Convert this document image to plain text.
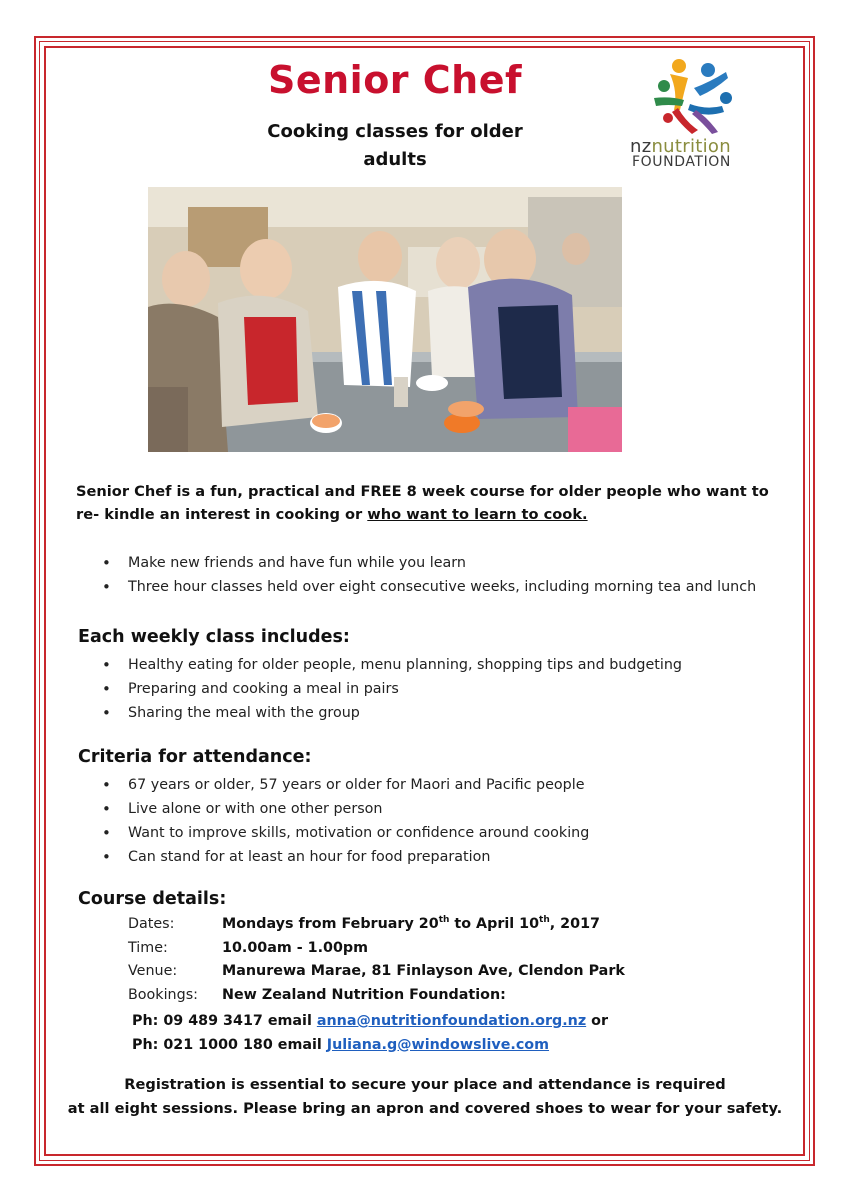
Senior Chef
Cooking classes for older
adults
nznutrition
FOUNDATION
Senior Chef is a fun, practical and FREE 8 week course for older people who want to re- kindle an interest in cooking or who want to learn to cook.
• Make new friends and have fun while you learn
• Three hour classes held over eight consecutive weeks, including morning tea and lunch
Each weekly class includes:
• Healthy eating for older people, menu planning, shopping tips and budgeting
• Preparing and cooking a meal in pairs
• Sharing the meal with the group
Criteria for attendance:
• 67 years or older, 57 years or older for Maori and Pacific people
• Live alone or with one other person
• Want to improve skills, motivation or confidence around cooking
• Can stand for at least an hour for food preparation
Course details:
Dates:	Mondays from February 20th to April 10th, 2017
Time:	10.00am - 1.00pm
Venue:	Manurewa Marae, 81 Finlayson Ave, Clendon Park
Bookings:	New Zealand Nutrition Foundation:
Ph: 09 489 3417 email anna@nutritionfoundation.org.nz or
Ph: 021 1000 180 email Juliana.g@windowslive.com
Registration is essential to secure your place and attendance is required
at all eight sessions. Please bring an apron and covered shoes to wear for your safety.
